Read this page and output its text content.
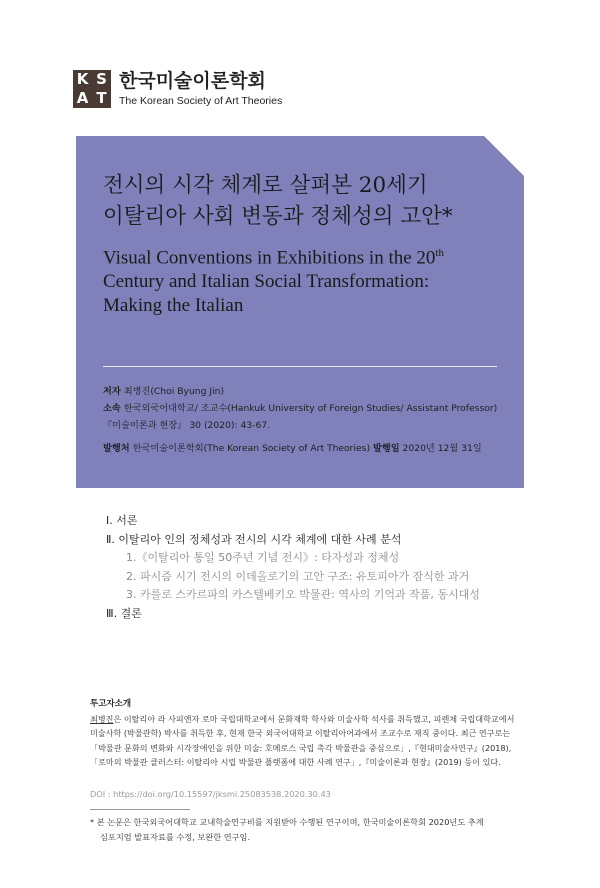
K S
A T
한국미술이론학회
The Korean Society of Art Theories
전시의 시각 체계로 살펴본 20세기
이탈리아 사회 변동과 정체성의 고안*
Visual Conventions in Exhibitions in the 20th
Century and Italian Social Transformation:
Making the Italian
저자 최병진(Choi Byung Jin)
소속 한국외국어대학교/ 조교수(Hankuk University of Foreign Studies/ Assistant Professor)
『미술이론과 현장』 30 (2020): 43-67.
발행처 한국미술이론학회(The Korean Society of Art Theories) 발행일 2020년 12월 31일
Ⅰ. 서론
Ⅱ. 이탈리아 인의 정체성과 전시의 시각 체계에 대한 사례 분석
1.《이탈리아 통일 50주년 기념 전시》: 타자성과 정체성
2. 파시즘 시기 전시의 이데올로기의 고안 구조: 유토피아가 잠식한 과거
3. 카를로 스카르파의 카스텔베키오 박물관: 역사의 기억과 작품, 동시대성
Ⅲ. 결론
투고자소개
최병진은 이탈리아 라 사피엔자 로마 국립대학교에서 문화재학 학사와 미술사학 석사를 취득했고, 피렌체 국립대학교에서 미술사학 (박물관학) 박사를 취득한 후, 현재 한국 외국어대학교 이탈리아어과에서 조교수로 재직 중이다. 최근 연구로는「박물관 문화의 변화와 시각장애인을 위한 미술: 호메로스 국립 촉각 박물관을 중심으로」,『현대미술사연구』(2018),「로마의 박물관 클러스터: 이탈리아 시립 박물관 플랫폼에 대한 사례 연구」,『미술이론과 현장』(2019) 등이 있다.
DOI : https://doi.org/10.15597/jksmi.25083538.2020.30.43
* 본 논문은 한국외국어대학교 교내학술연구비를 지원받아 수행된 연구이며, 한국미술이론학회 2020년도 추계
심포지엄 발표자료를 수정, 보완한 연구임.
